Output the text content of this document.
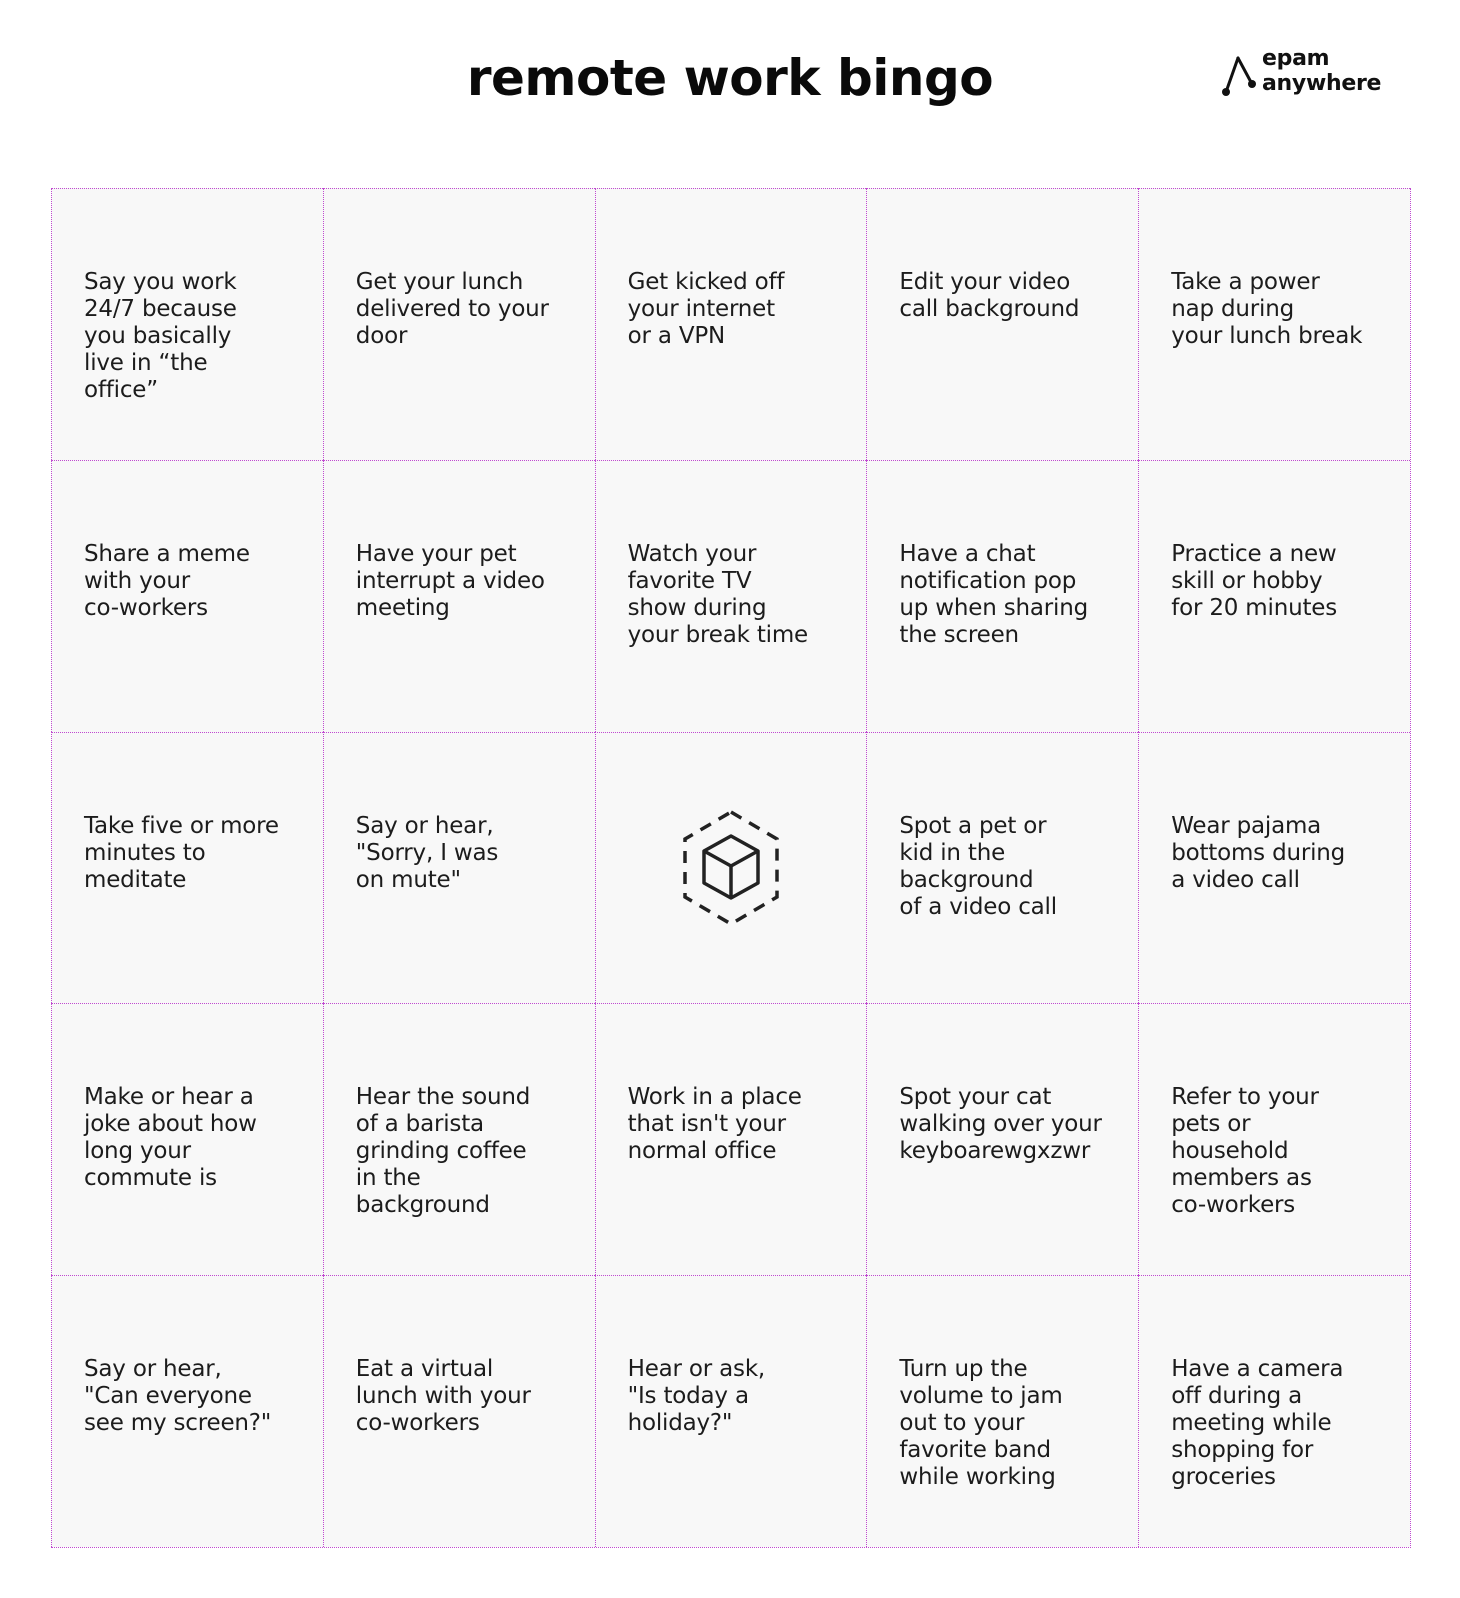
remote work bingo	epam
anywhere
Say you work
24/7 because
you basically
live in “the
office”
Get your lunch
delivered to your
door
Get kicked off
your internet
or a VPN
Edit your video
call background
Take a power
nap during
your lunch break
Share a meme
with your
co-workers
Have your pet
interrupt a video
meeting
Watch your
favorite TV
show during
your break time
Have a chat
notification pop
up when sharing
the screen
Practice a new
skill or hobby
for 20 minutes
Take five or more
minutes to
meditate
Say or hear,
"Sorry, I was
on mute"
Spot a pet or
kid in the
background
of a video call
Wear pajama
bottoms during
a video call
Make or hear a
joke about how
long your
commute is
Hear the sound
of a barista
grinding coffee
in the
background
Work in a place
that isn't your
normal office
Spot your cat
walking over your
keyboarewgxzwr
Refer to your
pets or
household
members as
co-workers
Say or hear,
"Can everyone
see my screen?"
Eat a virtual
lunch with your
co-workers
Hear or ask,
"Is today a
holiday?"
Turn up the
volume to jam
out to your
favorite band
while working
Have a camera
off during a
meeting while
shopping for
groceries
